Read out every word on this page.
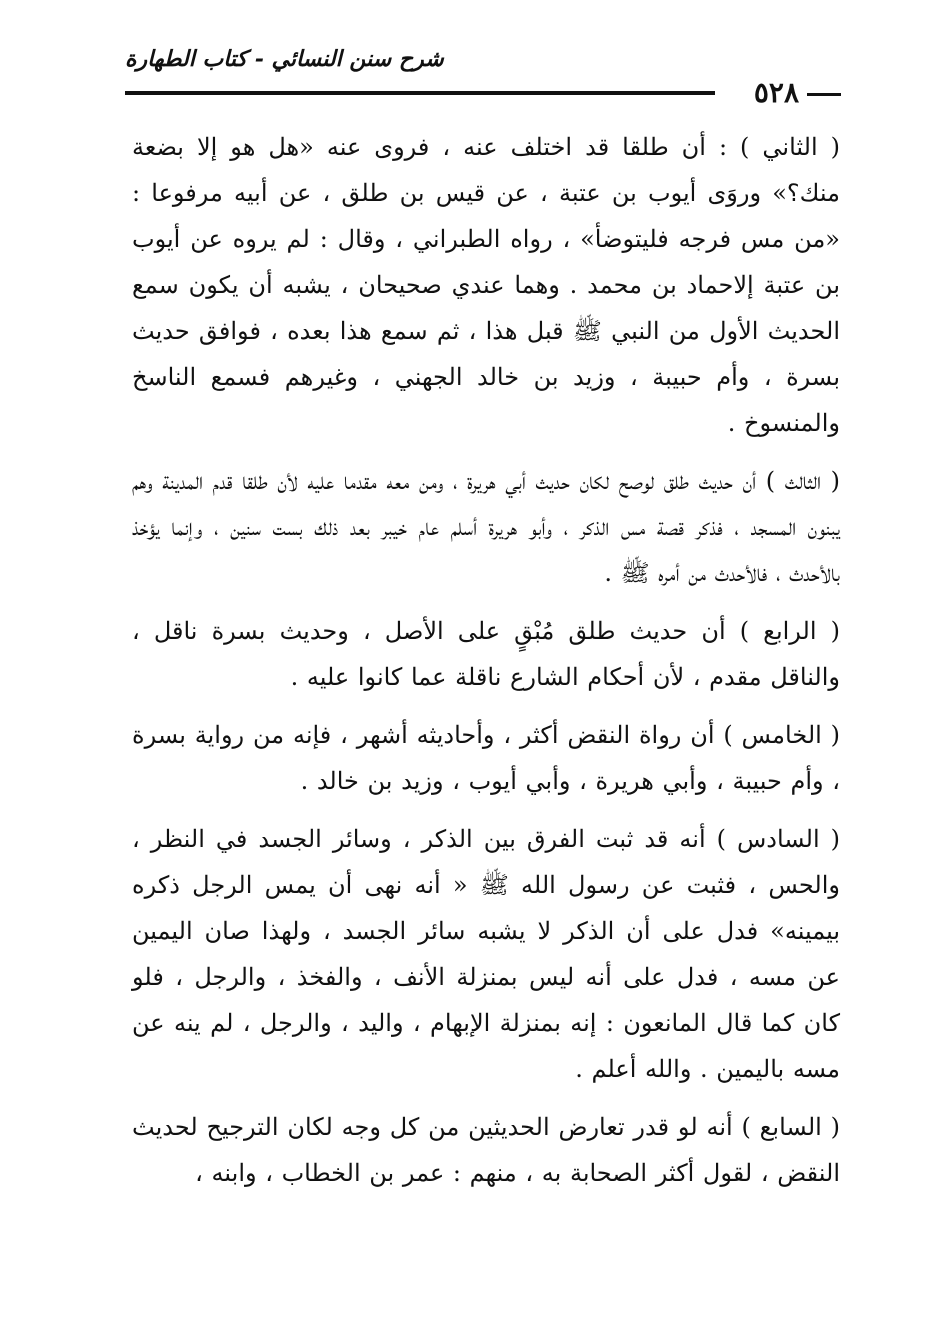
شرح سنن النسائي - كتاب الطهارة
٥٢٨

( الثاني ) : أن طلقا قد اختلف عنه ، فروى عنه «هل هو إلا بضعة منك؟» وروَى أيوب بن عتبة ، عن قيس بن طلق ، عن أبيه مرفوعا : «من مس فرجه فليتوضأ» ، رواه الطبراني ، وقال : لم يروه عن أيوب بن عتبة إلاحماد بن محمد . وهما عندي صحيحان ، يشبه أن يكون سمع الحديث الأول من النبي ﷺ قبل هذا ، ثم سمع هذا بعده ، فوافق حديث بسرة ، وأم حبيبة ، وزيد بن خالد الجهني ، وغيرهم فسمع الناسخ والمنسوخ .

( الثالث ) أن حديث طلق لوصح لكان حديث أبي هريرة ، ومن معه مقدما عليه لأن طلقا قدم المدينة وهم يبنون المسجد ، فذكر قصة مس الذكر ، وأبو هريرة أسلم عام خيبر بعد ذلك بست سنين ، وإنما يؤخذ بالأحدث ، فالأحدث من أمره ﷺ .

( الرابع ) أن حديث طلق مُبْقٍ على الأصل ، وحديث بسرة ناقل ، والناقل مقدم ، لأن أحكام الشارع ناقلة عما كانوا عليه .

( الخامس ) أن رواة النقض أكثر ، وأحاديثه أشهر ، فإنه من رواية بسرة ، وأم حبيبة ، وأبي هريرة ، وأبي أيوب ، وزيد بن خالد .

( السادس ) أنه قد ثبت الفرق بين الذكر ، وسائر الجسد في النظر ، والحس ، فثبت عن رسول الله ﷺ « أنه نهى أن يمس الرجل ذكره بيمينه» فدل على أن الذكر لا يشبه سائر الجسد ، ولهذا صان اليمين عن مسه ، فدل على أنه ليس بمنزلة الأنف ، والفخذ ، والرجل ، فلو كان كما قال المانعون : إنه بمنزلة الإبهام ، واليد ، والرجل ، لم ينه عن مسه باليمين . والله أعلم .

( السابع ) أنه لو قدر تعارض الحديثين من كل وجه لكان الترجيح لحديث النقض ، لقول أكثر الصحابة به ، منهم : عمر بن الخطاب ، وابنه ،
